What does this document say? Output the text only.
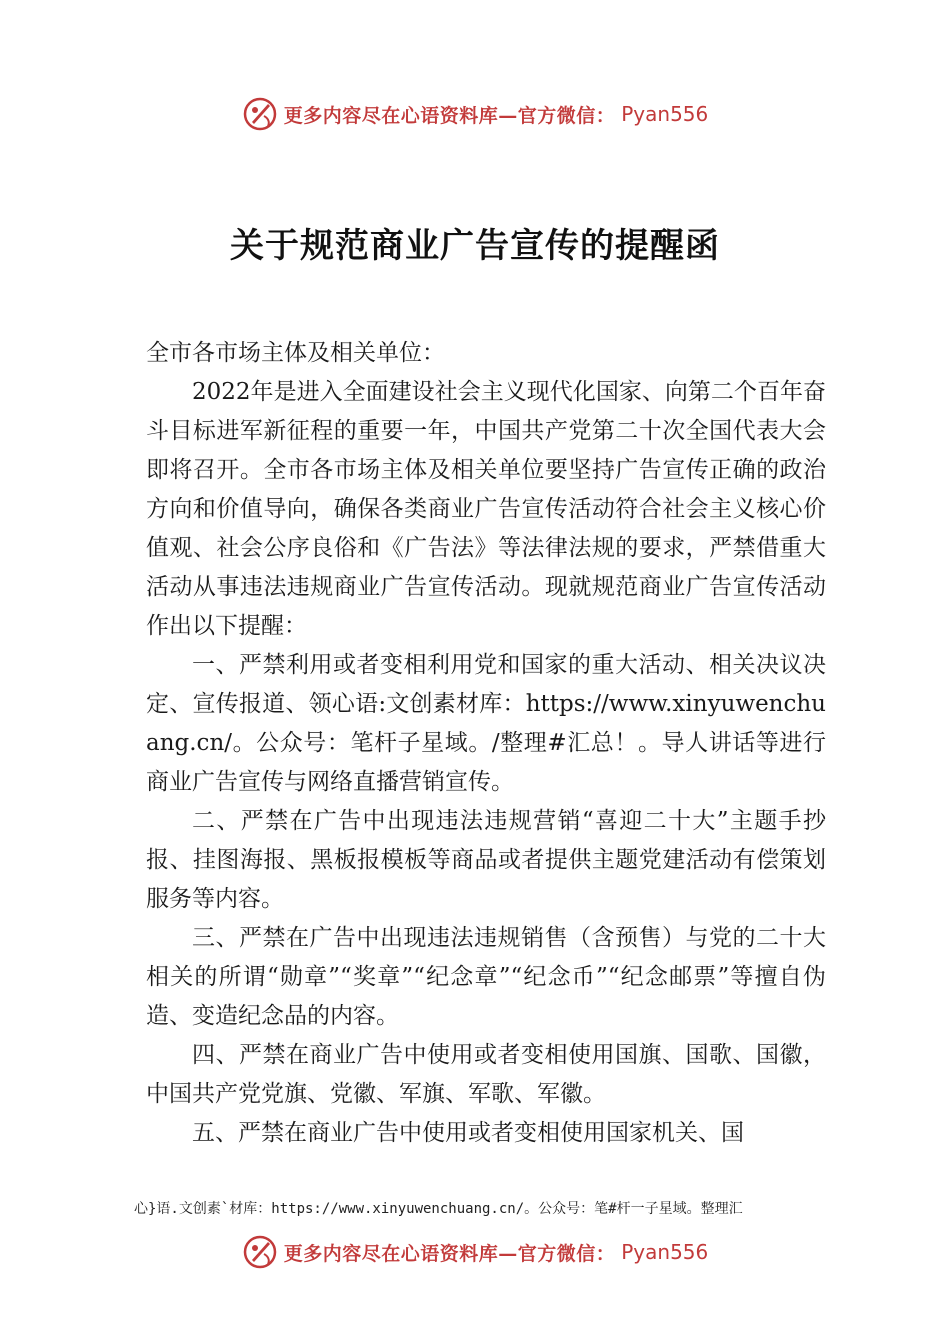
更多内容尽在心语资料库—官方微信： Pyan556
关于规范商业广告宣传的提醒函

全市各市场主体及相关单位：

2022年是进入全面建设社会主义现代化国家、向第二个百年奋斗目标进军新征程的重要一年，中国共产党第二十次全国代表大会即将召开。全市各市场主体及相关单位要坚持广告宣传正确的政治方向和价值导向，确保各类商业广告宣传活动符合社会主义核心价值观、社会公序良俗和《广告法》等法律法规的要求，严禁借重大活动从事违法违规商业广告宣传活动。现就规范商业广告宣传活动作出以下提醒：

一、严禁利用或者变相利用党和国家的重大活动、相关决议决定、宣传报道、领心语:文创素材库：https://www.xinyuwenchuang.cn/。公众号：笔杆子星域。/整理#汇总！。导人讲话等进行商业广告宣传与网络直播营销宣传。

二、严禁在广告中出现违法违规营销“喜迎二十大”主题手抄报、挂图海报、黑板报模板等商品或者提供主题党建活动有偿策划服务等内容。

三、严禁在广告中出现违法违规销售（含预售）与党的二十大相关的所谓“勋章”“奖章”“纪念章”“纪念币”“纪念邮票”等擅自伪造、变造纪念品的内容。

四、严禁在商业广告中使用或者变相使用国旗、国歌、国徽，中国共产党党旗、党徽、军旗、军歌、军徽。

五、严禁在商业广告中使用或者变相使用国家机关、国

心}语.文创素`材库：https://www.xinyuwenchuang.cn/。公众号：笔#杆一子星域。整理汇
更多内容尽在心语资料库—官方微信： Pyan556
